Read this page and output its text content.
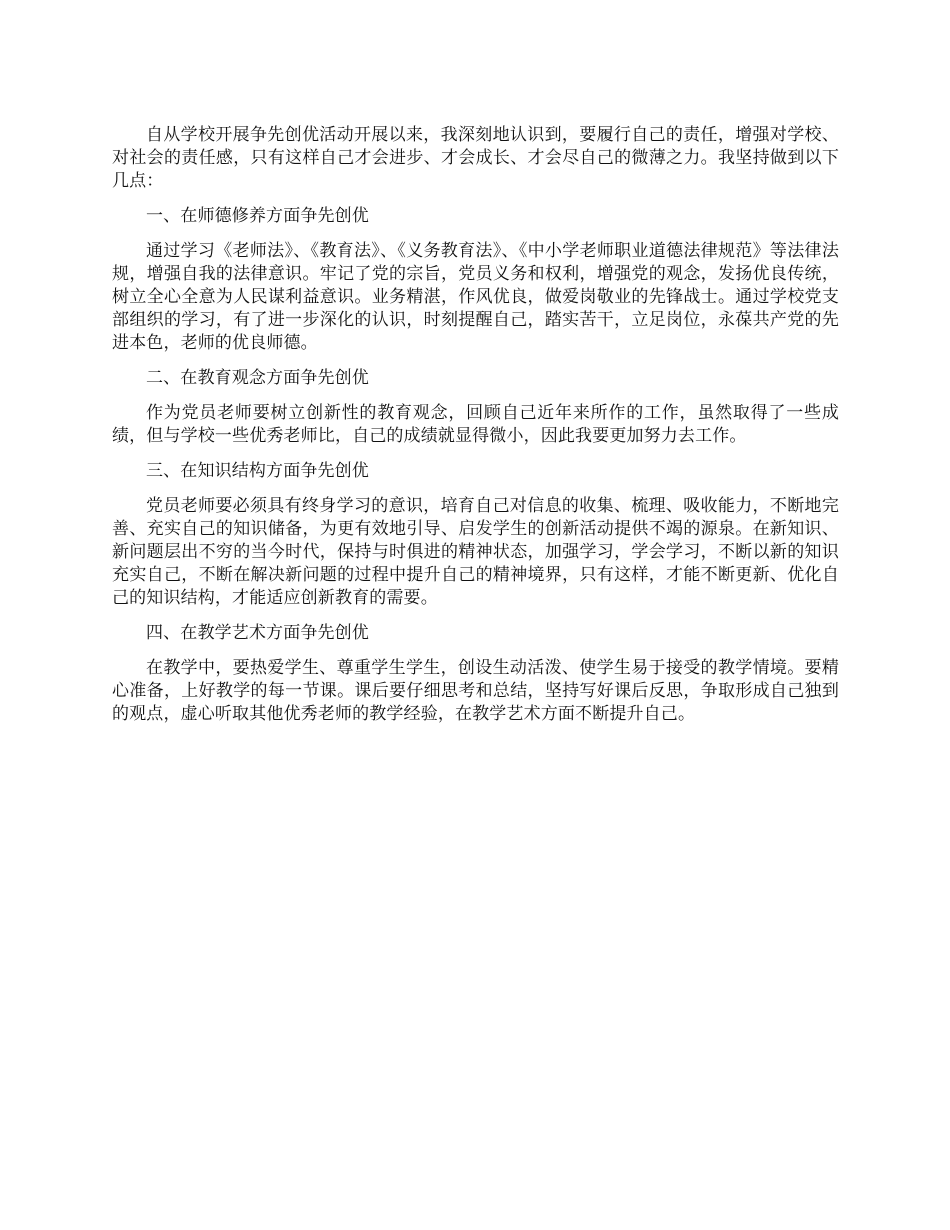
自从学校开展争先创优活动开展以来，我深刻地认识到，要履行自己的责任，增强对学校、对社会的责任感，只有这样自己才会进步、才会成长、才会尽自己的微薄之力。我坚持做到以下几点：

一、在师德修养方面争先创优

通过学习《老师法》、《教育法》、《义务教育法》、《中小学老师职业道德法律规范》等法律法规，增强自我的法律意识。牢记了党的宗旨，党员义务和权利，增强党的观念，发扬优良传统，树立全心全意为人民谋利益意识。业务精湛，作风优良，做爱岗敬业的先锋战士。通过学校党支部组织的学习，有了进一步深化的认识，时刻提醒自己，踏实苦干，立足岗位，永葆共产党的先进本色，老师的优良师德。

二、在教育观念方面争先创优

作为党员老师要树立创新性的教育观念，回顾自己近年来所作的工作，虽然取得了一些成绩，但与学校一些优秀老师比，自己的成绩就显得微小，因此我要更加努力去工作。

三、在知识结构方面争先创优

党员老师要必须具有终身学习的意识，培育自己对信息的收集、梳理、吸收能力，不断地完善、充实自己的知识储备，为更有效地引导、启发学生的创新活动提供不竭的源泉。在新知识、新问题层出不穷的当今时代，保持与时俱进的精神状态，加强学习，学会学习，不断以新的知识充实自己，不断在解决新问题的过程中提升自己的精神境界，只有这样，才能不断更新、优化自己的知识结构，才能适应创新教育的需要。

四、在教学艺术方面争先创优

在教学中，要热爱学生、尊重学生学生，创设生动活泼、使学生易于接受的教学情境。要精心准备，上好教学的每一节课。课后要仔细思考和总结，坚持写好课后反思，争取形成自己独到的观点，虚心听取其他优秀老师的教学经验，在教学艺术方面不断提升自己。
